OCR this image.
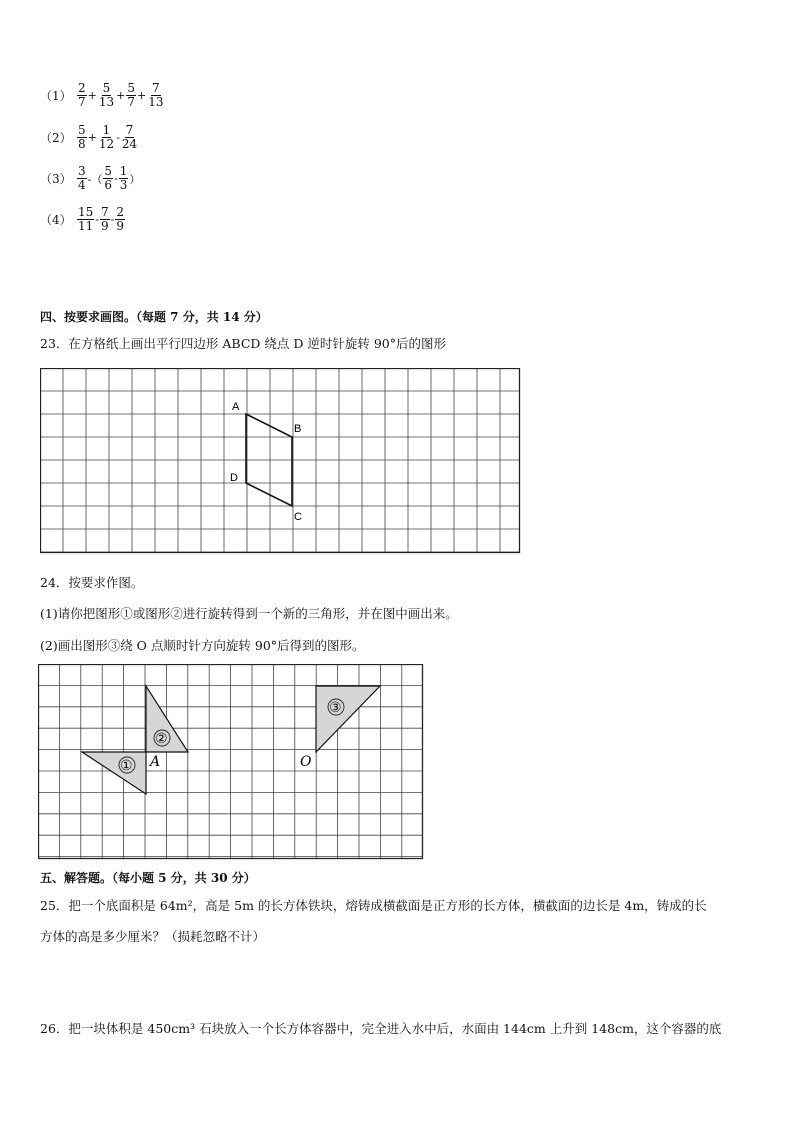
$(1) \frac{2}{7} + \frac{5}{13} + \frac{5}{7} + \frac{7}{13}$
$(2) \frac{5}{8} + \frac{1}{12} - \frac{7}{24}$
$(3) \frac{3}{4}$ -（ $\frac{5}{6} - \frac{1}{3}$ ）
$(4) \frac{15}{11} - \frac{7}{9} - \frac{2}{9}$
四、按要求画图。（每题 7 分，共 14 分）
23．在方格纸上画出平行四边形 ABCD 绕点 D 逆时针旋转 90°后的图形
A
B
C
D
24．按要求作图。
(1)请你把图形①或图形②进行旋转得到一个新的三角形，并在图中画出来。
(2)画出图形③绕 O 点顺时针方向旋转 90°后得到的图形。
①
②
③
A	O
五、解答题。（每小题 5 分，共 30 分）
25．把一个底面积是 64m²，高是 5m 的长方体铁块，熔铸成横截面是正方形的长方体，横截面的边长是 4m，铸成的长
方体的高是多少厘米？（损耗忽略不计）
26．把一块体积是 450cm³ 石块放入一个长方体容器中，完全进入水中后，水面由 144cm 上升到 148cm，这个容器的底
